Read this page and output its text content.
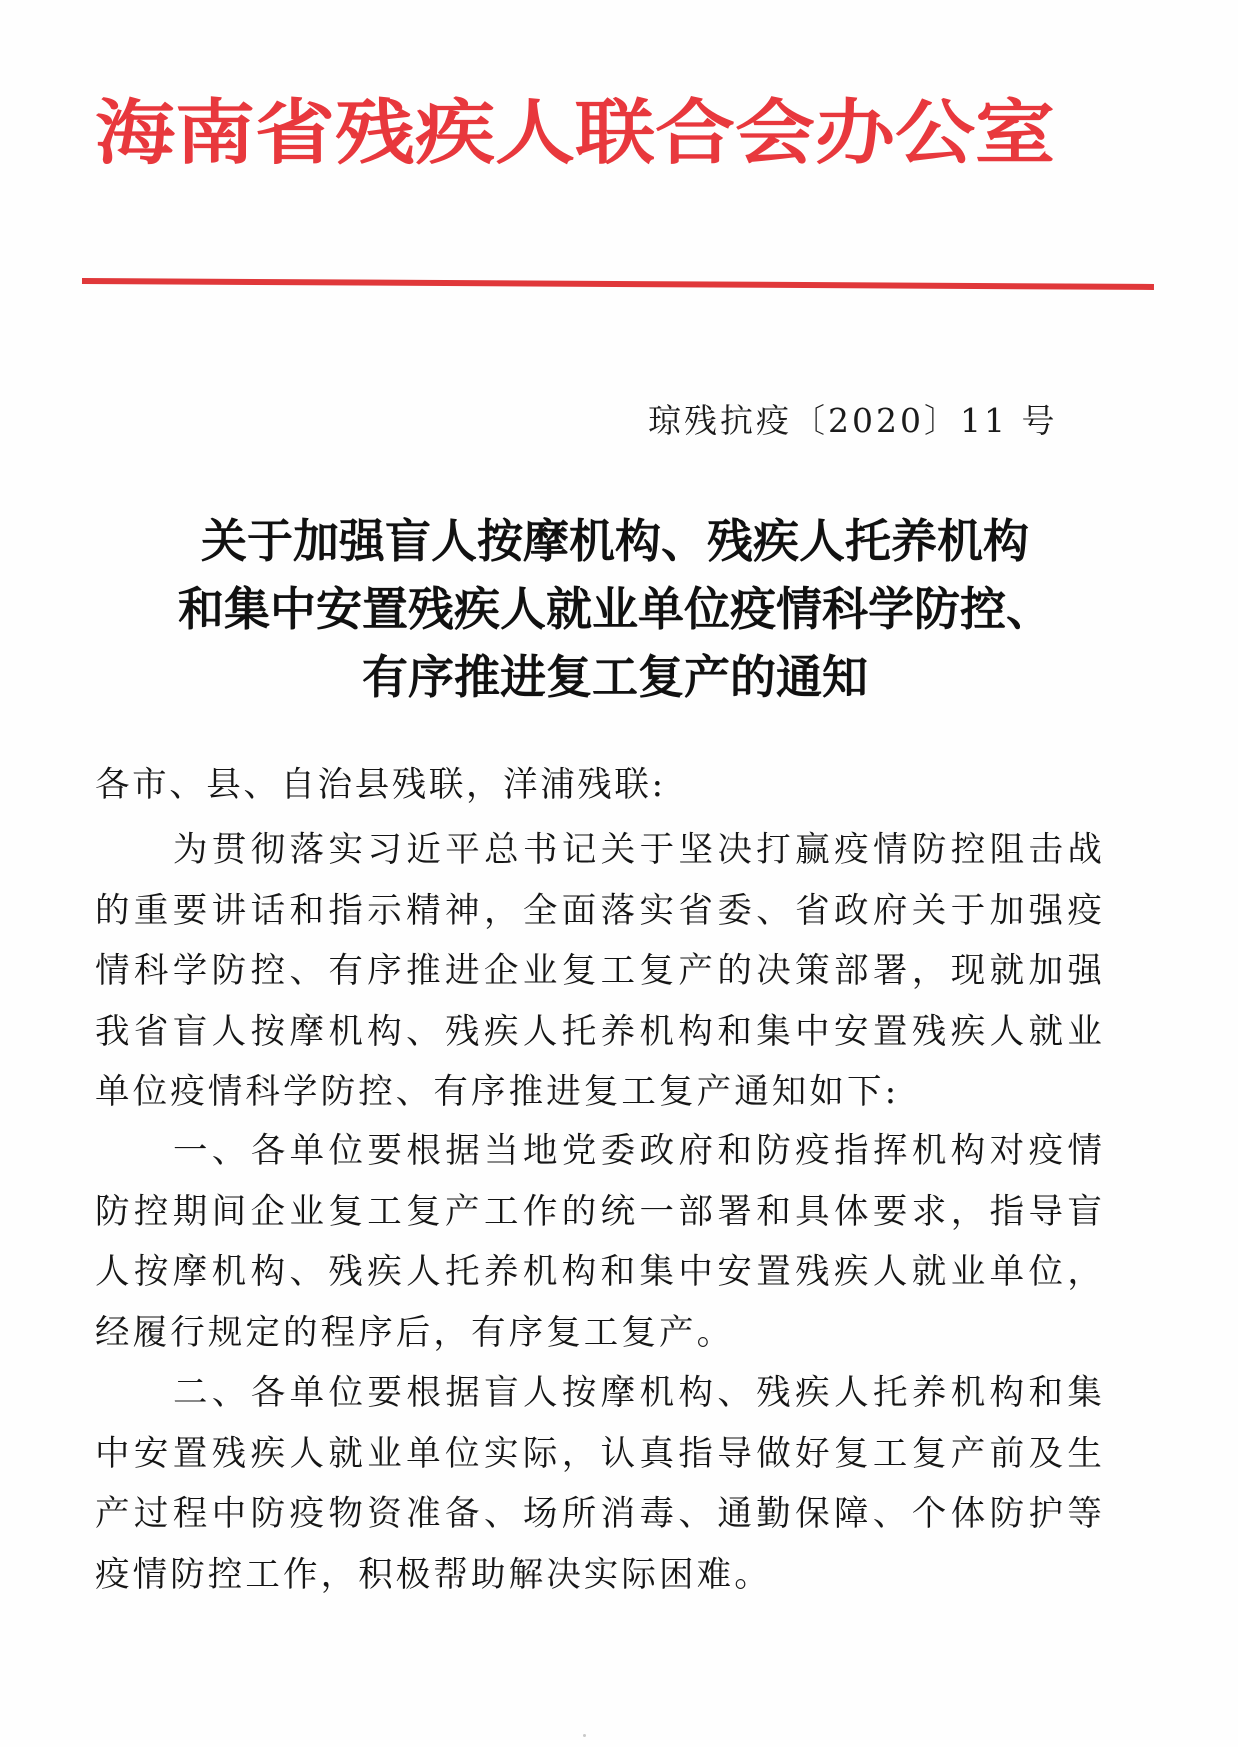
海南省残疾人联合会办公室
琼残抗疫〔2020〕11 号
关于加强盲人按摩机构、残疾人托养机构
和集中安置残疾人就业单位疫情科学防控、
有序推进复工复产的通知
各市、县、自治县残联，洋浦残联:

为贯彻落实习近平总书记关于坚决打赢疫情防控阻击战的重要讲话和指示精神，全面落实省委、省政府关于加强疫情科学防控、有序推进企业复工复产的决策部署，现就加强我省盲人按摩机构、残疾人托养机构和集中安置残疾人就业单位疫情科学防控、有序推进复工复产通知如下:

一、各单位要根据当地党委政府和防疫指挥机构对疫情防控期间企业复工复产工作的统一部署和具体要求，指导盲人按摩机构、残疾人托养机构和集中安置残疾人就业单位，经履行规定的程序后，有序复工复产。

二、各单位要根据盲人按摩机构、残疾人托养机构和集中安置残疾人就业单位实际，认真指导做好复工复产前及生产过程中防疫物资准备、场所消毒、通勤保障、个体防护等疫情防控工作，积极帮助解决实际困难。
